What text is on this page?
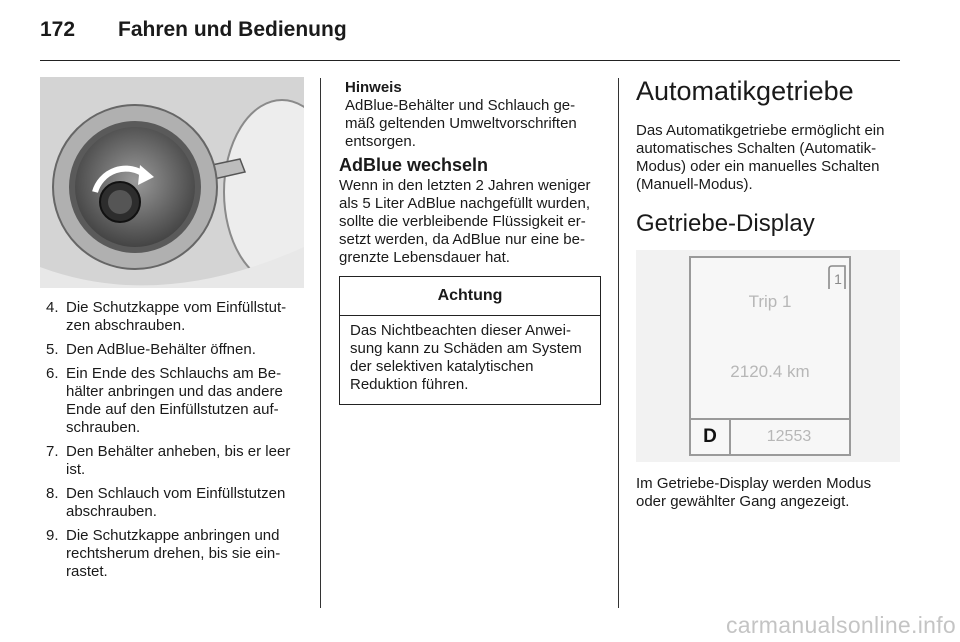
172 Fahren und Bedienung
4. Die Schutzkappe vom Einfüllstutzen abschrauben.
5. Den AdBlue-Behälter öffnen.
6. Ein Ende des Schlauchs am Behälter anbringen und das andere Ende auf den Einfüllstutzen aufschrauben.
7. Den Behälter anheben, bis er leer ist.
8. Den Schlauch vom Einfüllstutzen abschrauben.
9. Die Schutzkappe anbringen und rechtsherum drehen, bis sie einrastet.
Hinweis
AdBlue-Behälter und Schlauch gemäß geltenden Umweltvorschriften entsorgen.
AdBlue wechseln
Wenn in den letzten 2 Jahren weniger als 5 Liter AdBlue nachgefüllt wurden, sollte die verbleibende Flüssigkeit ersetzt werden, da AdBlue nur eine begrenzte Lebensdauer hat.
Achtung
Das Nichtbeachten dieser Anweisung kann zu Schäden am System der selektiven katalytischen Reduktion führen.
Automatikgetriebe
Das Automatikgetriebe ermöglicht ein automatisches Schalten (Automatik-Modus) oder ein manuelles Schalten (Manuell-Modus).
Getriebe-Display
1
Trip 1
2120.4 km
D	12553
Im Getriebe-Display werden Modus oder gewählter Gang angezeigt.
carmanualsonline.info
